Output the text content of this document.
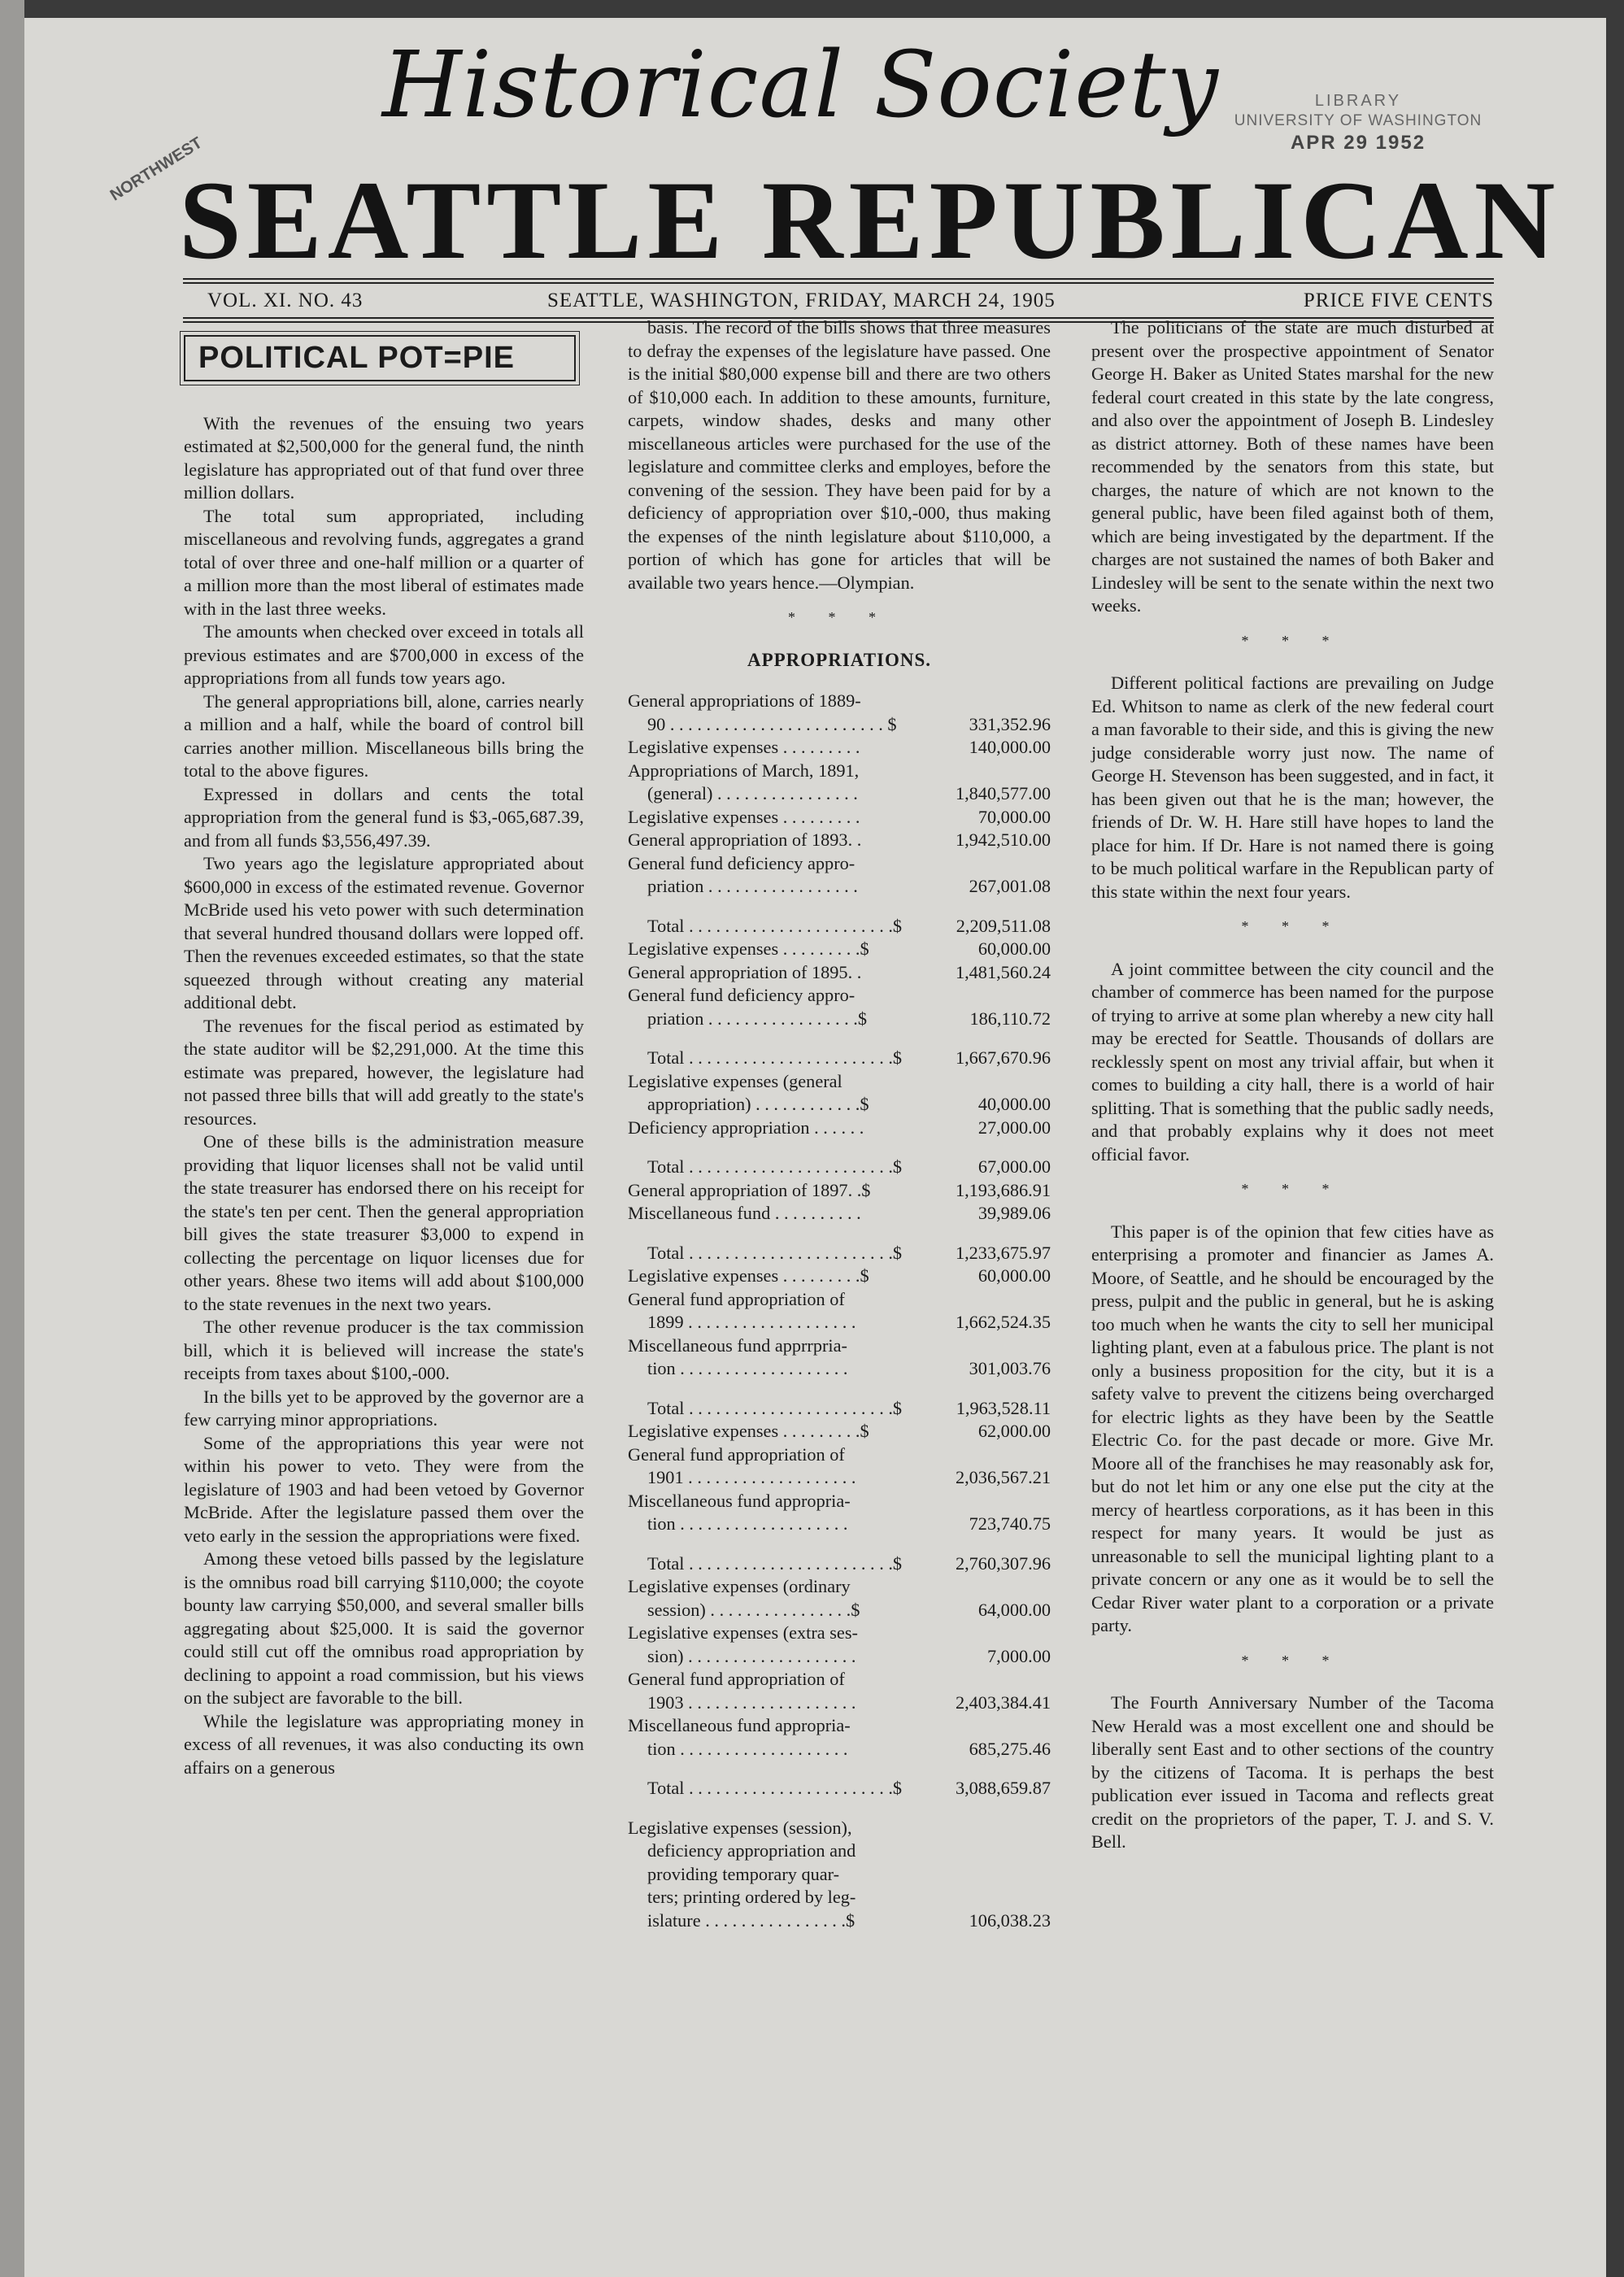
Historical Society
NORTHWEST
LIBRARY
UNIVERSITY OF WASHINGTON
APR 29 1952
SEATTLE REPUBLICAN
VOL. XI. NO. 43	SEATTLE, WASHINGTON, FRIDAY, MARCH 24, 1905	PRICE FIVE CENTS
POLITICAL POT=PIE

With the revenues of the ensuing two years estimated at $2,500,000 for the general fund, the ninth legislature has appropriated out of that fund over three million dollars.

The total sum appropriated, including miscellaneous and revolving funds, aggregates a grand total of over three and one-half million or a quarter of a million more than the most liberal of estimates made with in the last three weeks.

The amounts when checked over exceed in totals all previous estimates and are $700,000 in excess of the appropriations from all funds tow years ago.

The general appropriations bill, alone, carries nearly a million and a half, while the board of control bill carries another million. Miscellaneous bills bring the total to the above figures.

Expressed in dollars and cents the total appropriation from the general fund is $3,-065,687.39, and from all funds $3,556,497.39.

Two years ago the legislature appropriated about $600,000 in excess of the estimated revenue. Governor McBride used his veto power with such determination that several hundred thousand dollars were lopped off. Then the revenues exceeded estimates, so that the state squeezed through without creating any material additional debt.

The revenues for the fiscal period as estimated by the state auditor will be $2,291,000. At the time this estimate was prepared, however, the legislature had not passed three bills that will add greatly to the state's resources.

One of these bills is the administration measure providing that liquor licenses shall not be valid until the state treasurer has endorsed there on his receipt for the state's ten per cent. Then the general appropriation bill gives the state treasurer $3,000 to expend in collecting the percentage on liquor licenses due for other years. 8hese two items will add about $100,000 to the state revenues in the next two years.

The other revenue producer is the tax commission bill, which it is believed will increase the state's receipts from taxes about $100,-000.

In the bills yet to be approved by the governor are a few carrying minor appropriations.

Some of the appropriations this year were not within his power to veto. They were from the legislature of 1903 and had been vetoed by Governor McBride. After the legislature passed them over the veto early in the session the appropriations were fixed.

Among these vetoed bills passed by the legislature is the omnibus road bill carrying $110,000; the coyote bounty law carrying $50,000, and several smaller bills aggregating about $25,000. It is said the governor could still cut off the omnibus road appropriation by declining to appoint a road commission, but his views on the subject are favorable to the bill.

While the legislature was appropriating money in excess of all revenues, it was also conducting its own affairs on a generous

basis. The record of the bills shows that three measures to defray the expenses of the legislature have passed. One is the initial $80,000 expense bill and there are two others of $10,000 each. In addition to these amounts, furniture, carpets, window shades, desks and many other miscellaneous articles were purchased for the use of the legislature and committee clerks and employes, before the convening of the session. They have been paid for by a deficiency of appropriation over $10,-000, thus making the expenses of the ninth legislature about $110,000, a portion of which has gone for articles that will be available two years hence.—Olympian.

* * *
APPROPRIATIONS.
General appropriations of 1889-
90 . . . . . . . . . . . . . . . . . . . . . . . . $	331,352.96
Legislative expenses . . . . . . . . .	140,000.00
Appropriations of March, 1891,
(general) . . . . . . . . . . . . . . . .	1,840,577.00
Legislative expenses . . . . . . . . .	70,000.00
General appropriation of 1893. .	1,942,510.00
General fund deficiency appro-
priation . . . . . . . . . . . . . . . . .	267,001.08
Total . . . . . . . . . . . . . . . . . . . . . . .$	2,209,511.08
Legislative expenses . . . . . . . . .$	60,000.00
General appropriation of 1895. .	1,481,560.24
General fund deficiency appro-
priation . . . . . . . . . . . . . . . . .$	186,110.72
Total . . . . . . . . . . . . . . . . . . . . . . .$	1,667,670.96
Legislative expenses (general
appropriation) . . . . . . . . . . . .$	40,000.00
Deficiency appropriation . . . . . .	27,000.00
Total . . . . . . . . . . . . . . . . . . . . . . .$	67,000.00
General appropriation of 1897. .$	1,193,686.91
Miscellaneous fund . . . . . . . . . .	39,989.06
Total . . . . . . . . . . . . . . . . . . . . . . .$	1,233,675.97
Legislative expenses . . . . . . . . .$	60,000.00
General fund appropriation of
1899 . . . . . . . . . . . . . . . . . . .	1,662,524.35
Miscellaneous fund apprrpria-
tion . . . . . . . . . . . . . . . . . . .	301,003.76
Total . . . . . . . . . . . . . . . . . . . . . . .$	1,963,528.11
Legislative expenses . . . . . . . . .$	62,000.00
General fund appropriation of
1901 . . . . . . . . . . . . . . . . . . .	2,036,567.21
Miscellaneous fund appropria-
tion . . . . . . . . . . . . . . . . . . .	723,740.75
Total . . . . . . . . . . . . . . . . . . . . . . .$	2,760,307.96
Legislative expenses (ordinary
session) . . . . . . . . . . . . . . . .$	64,000.00
Legislative expenses (extra ses-
sion) . . . . . . . . . . . . . . . . . . .	7,000.00
General fund appropriation of
1903 . . . . . . . . . . . . . . . . . . .	2,403,384.41
Miscellaneous fund appropria-
tion . . . . . . . . . . . . . . . . . . .	685,275.46
Total . . . . . . . . . . . . . . . . . . . . . . .$	3,088,659.87
Legislative expenses (session),
deficiency appropriation and
providing temporary quar-
ters; printing ordered by leg-
islature . . . . . . . . . . . . . . . .$	106,038.23

The politicians of the state are much disturbed at present over the prospective appointment of Senator George H. Baker as United States marshal for the new federal court created in this state by the late congress, and also over the appointment of Joseph B. Lindesley as district attorney. Both of these names have been recommended by the senators from this state, but charges, the nature of which are not known to the general public, have been filed against both of them, which are being investigated by the department. If the charges are not sustained the names of both Baker and Lindesley will be sent to the senate within the next two weeks.

* * *

Different political factions are prevailing on Judge Ed. Whitson to name as clerk of the new federal court a man favorable to their side, and this is giving the new judge considerable worry just now. The name of George H. Stevenson has been suggested, and in fact, it has been given out that he is the man; however, the friends of Dr. W. H. Hare still have hopes to land the place for him. If Dr. Hare is not named there is going to be much political warfare in the Republican party of this state within the next four years.

* * *

A joint committee between the city council and the chamber of commerce has been named for the purpose of trying to arrive at some plan whereby a new city hall may be erected for Seattle. Thousands of dollars are recklessly spent on most any trivial affair, but when it comes to building a city hall, there is a world of hair splitting. That is something that the public sadly needs, and that probably explains why it does not meet official favor.

* * *

This paper is of the opinion that few cities have as enterprising a promoter and financier as James A. Moore, of Seattle, and he should be encouraged by the press, pulpit and the public in general, but he is asking too much when he wants the city to sell her municipal lighting plant, even at a fabulous price. The plant is not only a business proposition for the city, but it is a safety valve to prevent the citizens being overcharged for electric lights as they have been by the Seattle Electric Co. for the past decade or more. Give Mr. Moore all of the franchises he may reasonably ask for, but do not let him or any one else put the city at the mercy of heartless corporations, as it has been in this respect for many years. It would be just as unreasonable to sell the municipal lighting plant to a private concern or any one as it would be to sell the Cedar River water plant to a corporation or a private party.

* * *

The Fourth Anniversary Number of the Tacoma New Herald was a most excellent one and should be liberally sent East and to other sections of the country by the citizens of Tacoma. It is perhaps the best publication ever issued in Tacoma and reflects great credit on the proprietors of the paper, T. J. and S. V. Bell.
